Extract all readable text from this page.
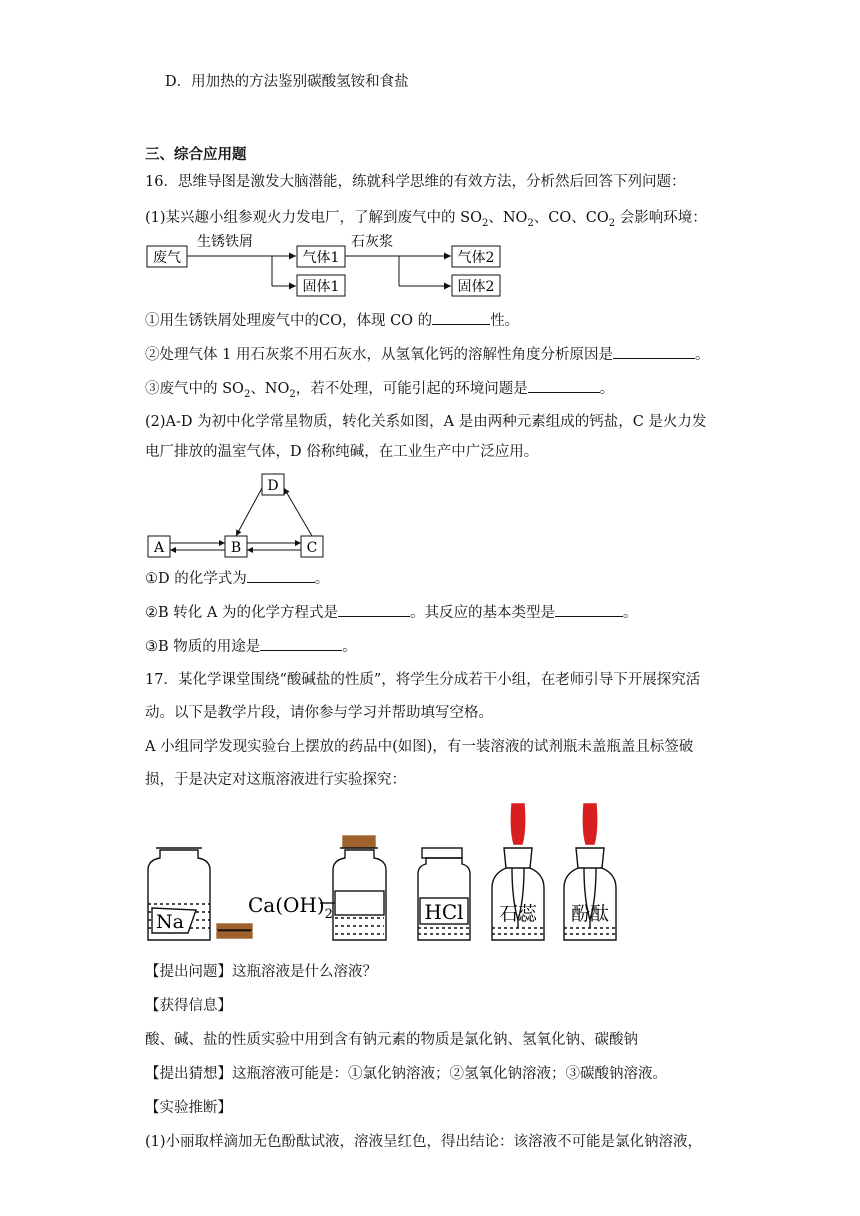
D．用加热的方法鉴别碳酸氢铵和食盐
三、综合应用题
16．思维导图是激发大脑潜能，练就科学思维的有效方法，分析然后回答下列问题：
(1)某兴趣小组参观火力发电厂，了解到废气中的 $SO_2$、$NO_2$、CO、$CO_2$ 会影响环境：
废气
生锈铁屑
气体1
固体1
石灰浆
气体2
固体2
①用生锈铁屑处理废气中的CO，体现 CO 的	性。
②处理气体 1 用石灰浆不用石灰水，从氢氧化钙的溶解性角度分析原因是	。
③废气中的 $SO_2$、$NO_2$，若不处理，可能引起的环境问题是	。
(2)A-D 为初中化学常星物质，转化关系如图，A 是由两种元素组成的钙盐，C 是火力发
电厂排放的温室气体，D 俗称纯碱，在工业生产中广泛应用。
D
A	B	C
①D 的化学式为	。
②B 转化 A 为的化学方程式是	。其反应的基本类型是	。
③B 物质的用途是	。
17．某化学课堂围绕“酸碱盐的性质”，将学生分成若干小组，在老师引导下开展探究活
动。以下是教学片段，请你参与学习并帮助填写空格。
A 小组同学发现实验台上摆放的药品中(如图)，有一装溶液的试剂瓶未盖瓶盖且标签破
损，于是决定对这瓶溶液进行实验探究：
Na
$Ca(OH)_2$	HCl 石蕊 酚酞
【提出问题】这瓶溶液是什么溶液？
【获得信息】
酸、碱、盐的性质实验中用到含有钠元素的物质是氯化钠、氢氧化钠、碳酸钠
【提出猜想】这瓶溶液可能是：①氯化钠溶液；②氢氧化钠溶液；③碳酸钠溶液。
【实验推断】
(1)小丽取样滴加无色酚酞试液，溶液呈红色，得出结论：该溶液不可能是氯化钠溶液，
